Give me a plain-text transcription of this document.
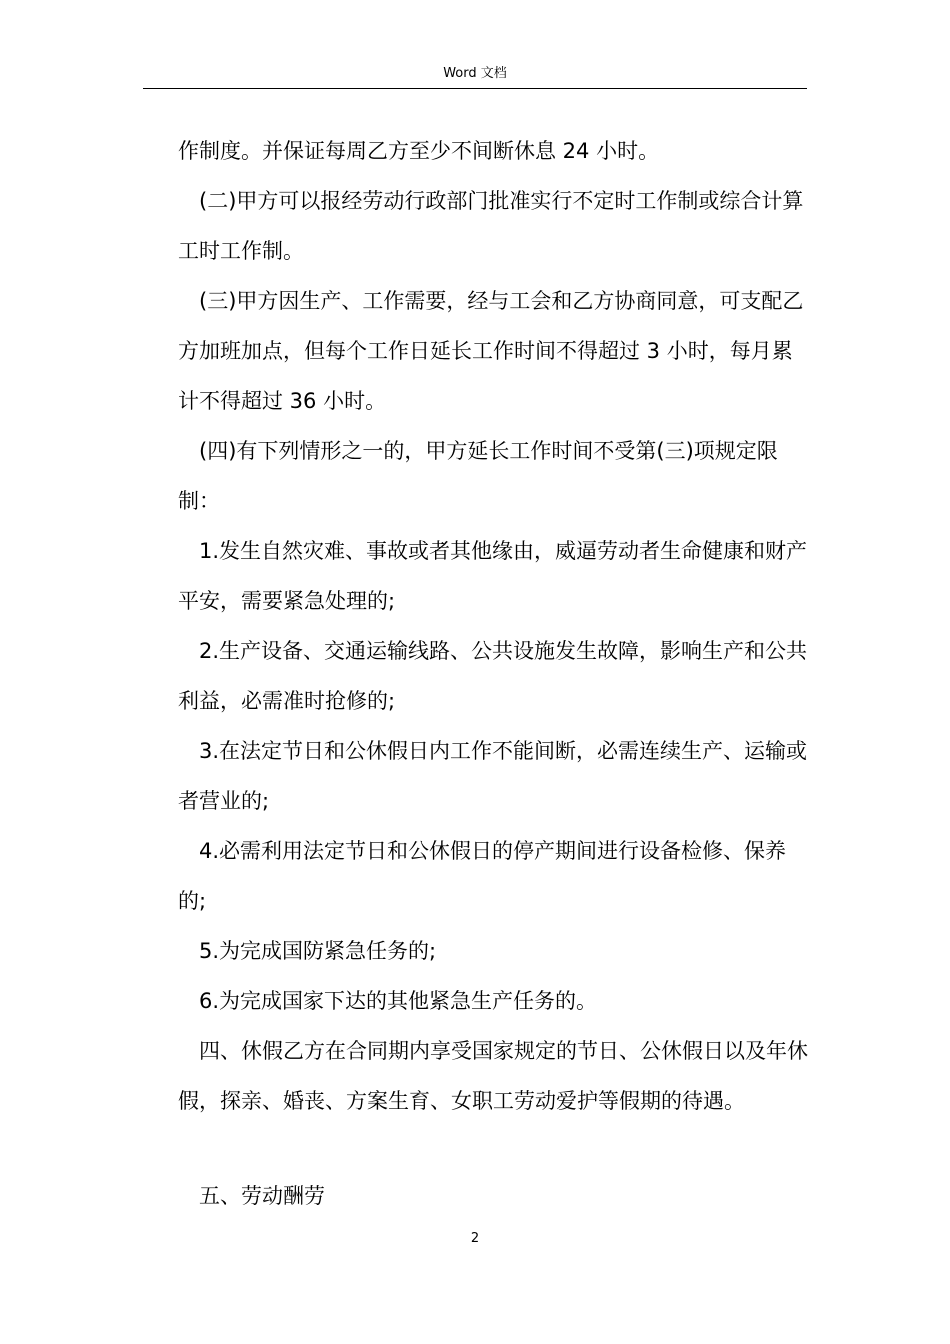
Word 文档

作制度。并保证每周乙方至少不间断休息 24 小时。

(二)甲方可以报经劳动行政部门批准实行不定时工作制或综合计算工时工作制。

(三)甲方因生产、工作需要，经与工会和乙方协商同意，可支配乙方加班加点，但每个工作日延长工作时间不得超过 3 小时，每月累计不得超过 36 小时。

(四)有下列情形之一的，甲方延长工作时间不受第(三)项规定限制：

1.发生自然灾难、事故或者其他缘由，威逼劳动者生命健康和财产平安，需要紧急处理的;

2.生产设备、交通运输线路、公共设施发生故障，影响生产和公共利益，必需准时抢修的;

3.在法定节日和公休假日内工作不能间断，必需连续生产、运输或者营业的;

4.必需利用法定节日和公休假日的停产期间进行设备检修、保养的;

5.为完成国防紧急任务的;

6.为完成国家下达的其他紧急生产任务的。

四、休假乙方在合同期内享受国家规定的节日、公休假日以及年休假，探亲、婚丧、方案生育、女职工劳动爱护等假期的待遇。

五、劳动酬劳
2
